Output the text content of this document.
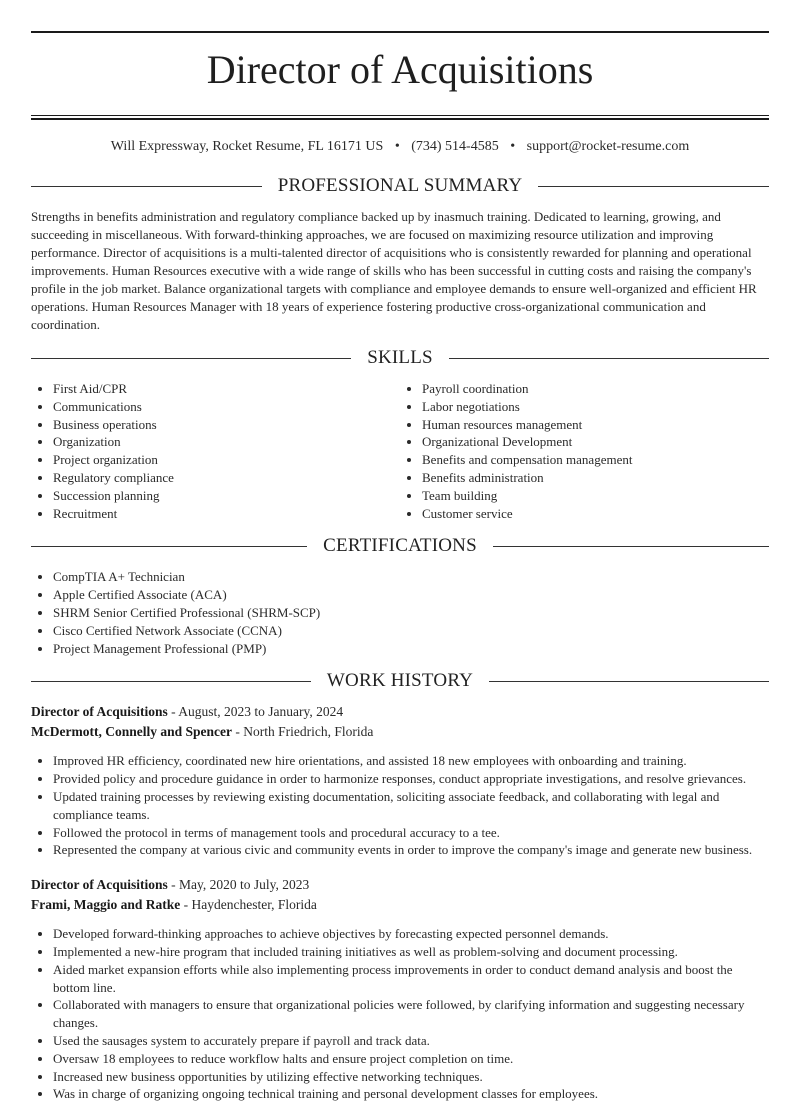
Director of Acquisitions
Will Expressway, Rocket Resume, FL 16171 US • (734) 514-4585 • support@rocket-resume.com
PROFESSIONAL SUMMARY

Strengths in benefits administration and regulatory compliance backed up by inasmuch training. Dedicated to learning, growing, and succeeding in miscellaneous. With forward-thinking approaches, we are focused on maximizing resource utilization and improving performance. Director of acquisitions is a multi-talented director of acquisitions who is consistently rewarded for planning and operational improvements. Human Resources executive with a wide range of skills who has been successful in cutting costs and raising the company's profile in the job market. Balance organizational targets with compliance and employee demands to ensure well-organized and efficient HR operations. Human Resources Manager with 18 years of experience fostering productive cross-organizational communication and coordination.

SKILLS
• First Aid/CPR
• Communications
• Business operations
• Organization
• Project organization
• Regulatory compliance
• Succession planning
• Recruitment
• Payroll coordination
• Labor negotiations
• Human resources management
• Organizational Development
• Benefits and compensation management
• Benefits administration
• Team building
• Customer service
CERTIFICATIONS
• CompTIA A+ Technician
• Apple Certified Associate (ACA)
• SHRM Senior Certified Professional (SHRM-SCP)
• Cisco Certified Network Associate (CCNA)
• Project Management Professional (PMP)
WORK HISTORY
Director of Acquisitions - August, 2023 to January, 2024
McDermott, Connelly and Spencer - North Friedrich, Florida
• Improved HR efficiency, coordinated new hire orientations, and assisted 18 new employees with onboarding and training.
• Provided policy and procedure guidance in order to harmonize responses, conduct appropriate investigations, and resolve grievances.
• Updated training processes by reviewing existing documentation, soliciting associate feedback, and collaborating with legal and compliance teams.
• Followed the protocol in terms of management tools and procedural accuracy to a tee.
• Represented the company at various civic and community events in order to improve the company's image and generate new business.
Director of Acquisitions - May, 2020 to July, 2023
Frami, Maggio and Ratke - Haydenchester, Florida
• Developed forward-thinking approaches to achieve objectives by forecasting expected personnel demands.
• Implemented a new-hire program that included training initiatives as well as problem-solving and document processing.
• Aided market expansion efforts while also implementing process improvements in order to conduct demand analysis and boost the bottom line.
• Collaborated with managers to ensure that organizational policies were followed, by clarifying information and suggesting necessary changes.
• Used the sausages system to accurately prepare if payroll and track data.
• Oversaw 18 employees to reduce workflow halts and ensure project completion on time.
• Increased new business opportunities by utilizing effective networking techniques.
• Was in charge of organizing ongoing technical training and personal development classes for employees.
